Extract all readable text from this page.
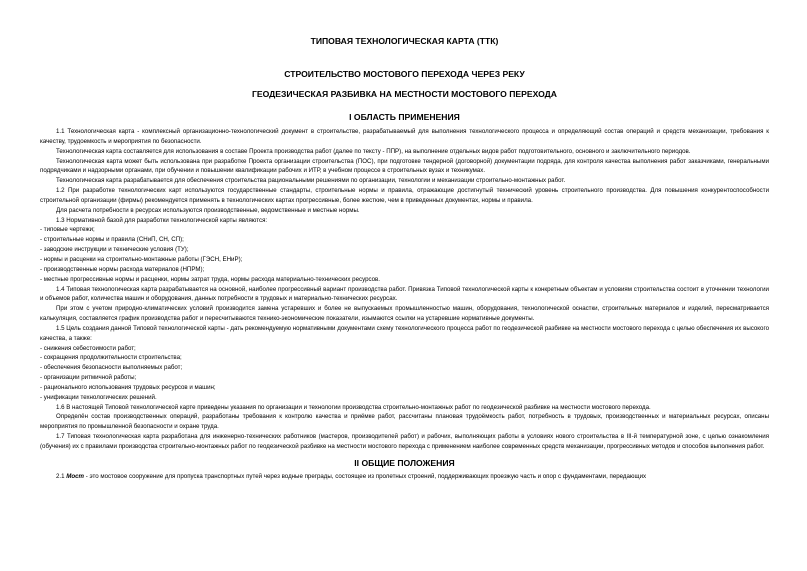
ТИПОВАЯ ТЕХНОЛОГИЧЕСКАЯ КАРТА (ТТК)
СТРОИТЕЛЬСТВО МОСТОВОГО ПЕРЕХОДА ЧЕРЕЗ РЕКУ
ГЕОДЕЗИЧЕСКАЯ РАЗБИВКА НА МЕСТНОСТИ МОСТОВОГО ПЕРЕХОДА
I ОБЛАСТЬ ПРИМЕНЕНИЯ

1.1 Технологическая карта - комплексный организационно-технологический документ в строительстве, разрабатываемый для выполнения технологического процесса и определяющий состав операций и средств механизации, требования к качеству, трудоемкость и мероприятия по безопасности.

Технологическая карта составляется для использования в составе Проекта производства работ (далее по тексту - ППР), на выполнение отдельных видов работ подготовительного, основного и заключительного периодов.

Технологическая карта может быть использована при разработке Проекта организации строительства (ПОС), при подготовке тендерной (договорной) документации подряда, для контроля качества выполнения работ заказчиками, генеральными подрядчиками и надзорными органами, при обучении и повышении квалификации рабочих и ИТР, в учебном процессе в строительных вузах и техникумах.

Технологическая карта разрабатывается для обеспечения строительства рациональными решениями по организации, технологии и механизации строительно-монтажных работ.

1.2 При разработке технологических карт используются государственные стандарты, строительные нормы и правила, отражающие достигнутый технический уровень строительного производства. Для повышения конкурентоспособности строительной организации (фирмы) рекомендуется применять в технологических картах прогрессивные, более жесткие, чем в приведенных документах, нормы и правила.

Для расчета потребности в ресурсах используются производственные, ведомственные и местные нормы.

1.3 Нормативной базой для разработки технологической карты являются:

- типовые чертежи;

- строительные нормы и правила (СНиП, СН, СП);

- заводские инструкции и технические условия (ТУ);

- нормы и расценки на строительно-монтажные работы (ГЭСН, ЕНиР);

- производственные нормы расхода материалов (НПРМ);

- местные прогрессивные нормы и расценки, нормы затрат труда, нормы расхода материально-технических ресурсов.

1.4 Типовая технологическая карта разрабатывается на основной, наиболее прогрессивный вариант производства работ. Привязка Типовой технологической карты к конкретным объектам и условиям строительства состоит в уточнении технологии и объемов работ, количества машин и оборудования, данных потребности в трудовых и материально-технических ресурсах.

При этом с учетом природно-климатических условий производится замена устаревших и более не выпускаемых промышленностью машин, оборудования, технологической оснастки, строительных материалов и изделий, пересматривается калькуляция, составляется график производства работ и пересчитываются технико-экономические показатели, изымаются ссылки на устаревшие нормативные документы.

1.5 Цель создания данной Типовой технологической карты - дать рекомендуемую нормативными документами схему технологического процесса работ по геодезической разбивке на местности мостового перехода с целью обеспечения их высокого качества, а также:

- снижения себестоимости работ;

- сокращения продолжительности строительства;

- обеспечения безопасности выполняемых работ;

- организации ритмичной работы;

- рационального использования трудовых ресурсов и машин;

- унификации технологических решений.

1.6 В настоящей Типовой технологической карте приведены указания по организации и технологии производства строительно-монтажных работ по геодезической разбивке на местности мостового перехода.

Определён состав производственных операций, разработаны требования к контролю качества и приёмке работ, рассчитаны плановая трудоёмкость работ, потребность в трудовых, производственных и материальных ресурсах, описаны мероприятия по промышленной безопасности и охране труда.

1.7 Типовая технологическая карта разработана для инженерно-технических работников (мастеров, производителей работ) и рабочих, выполняющих работы в условиях нового строительства в III-й температурной зоне, с целью ознакомления (обучения) их с правилами производства строительно-монтажных работ по геодезической разбивке на местности мостового перехода с применением наиболее современных средств механизации, прогрессивных методов и способов выполнения работ.

II ОБЩИЕ ПОЛОЖЕНИЯ

2.1 Мост - это мостовое сооружение для пропуска транспортных путей через водные преграды, состоящее из пролетных строений, поддерживающих проезжую часть и опор с фундаментами, передающих
